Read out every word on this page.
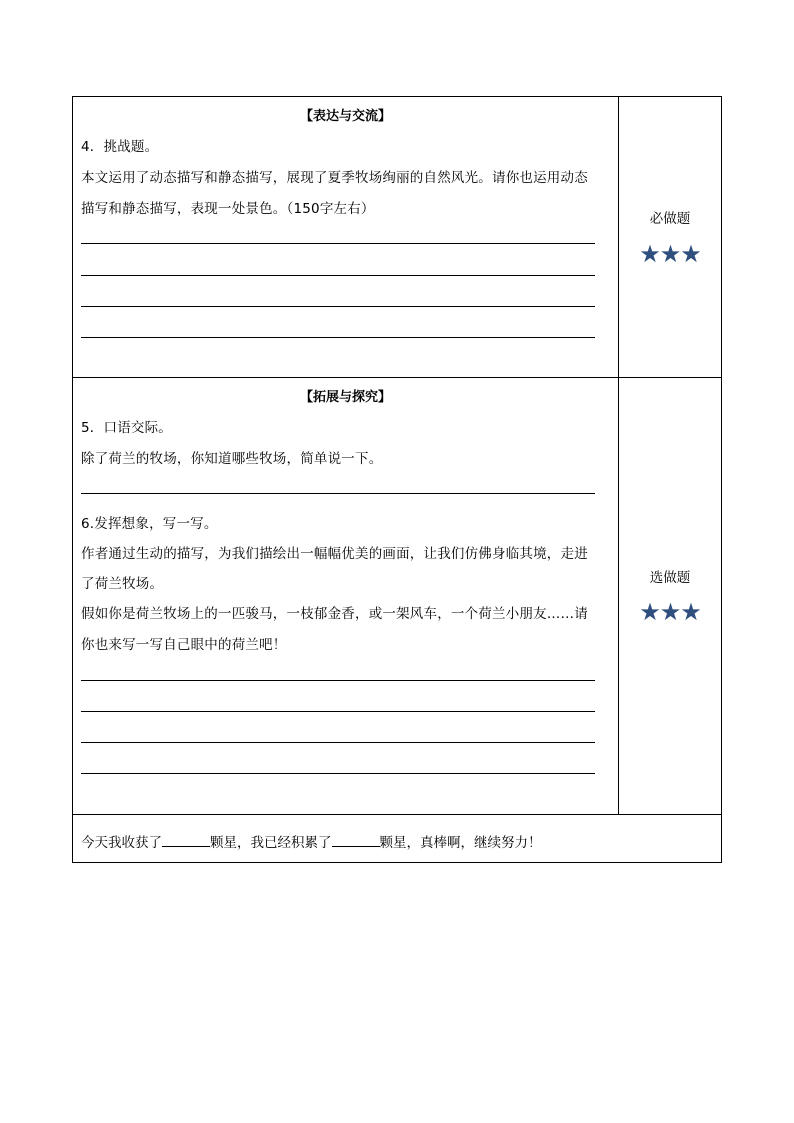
【表达与交流】
4．挑战题。
本文运用了动态描写和静态描写，展现了夏季牧场绚丽的自然风光。请你也运用动态
描写和静态描写，表现一处景色。（150字左右）
必做题
★★★
【拓展与探究】
5．口语交际。
除了荷兰的牧场，你知道哪些牧场，简单说一下。
6.发挥想象，写一写。
作者通过生动的描写，为我们描绘出一幅幅优美的画面，让我们仿佛身临其境，走进
了荷兰牧场。
假如你是荷兰牧场上的一匹骏马，一枝郁金香，或一架风车，一个荷兰小朋友……请
你也来写一写自己眼中的荷兰吧！
选做题
★★★
今天我收获了	颗星，我已经积累了	颗星，真棒啊，继续努力！
